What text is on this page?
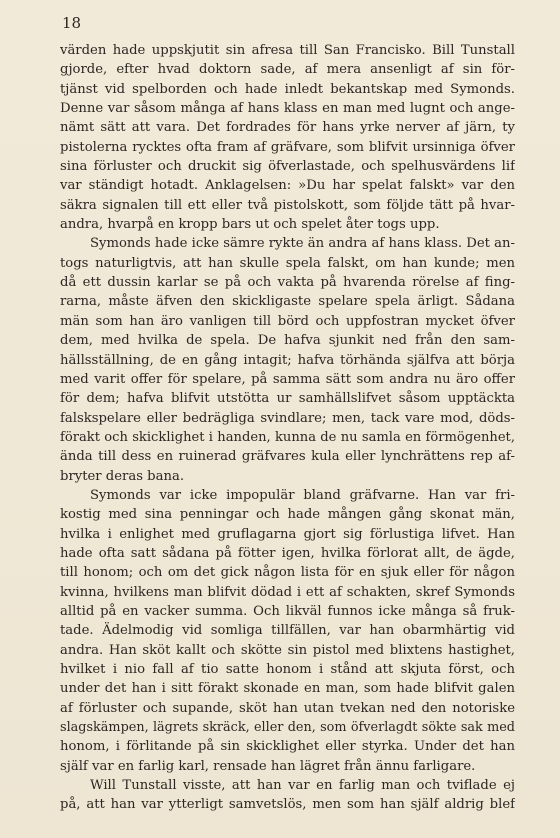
18
värden hade uppskjutit sin afresa till San Francisko. Bill Tunstall
gjorde, efter hvad doktorn sade, af mera ansenligt af sin för-
tjänst vid spelborden och hade inledt bekantskap med Symonds.
Denne var såsom många af hans klass en man med lugnt och ange-
nämt sätt att vara. Det fordrades för hans yrke nerver af järn, ty
pistolerna rycktes ofta fram af gräfvare, som blifvit ursinniga öfver
sina förluster och druckit sig öfverlastade, och spelhusvärdens lif
var ständigt hotadt. Anklagelsen: »Du har spelat falskt» var den
säkra signalen till ett eller två pistolskott, som följde tätt på hvar-
andra, hvarpå en kropp bars ut och spelet åter togs upp.
Symonds hade icke sämre rykte än andra af hans klass. Det an-
togs naturligtvis, att han skulle spela falskt, om han kunde; men
då ett dussin karlar se på och vakta på hvarenda rörelse af fing-
rarna, måste äfven den skickligaste spelare spela ärligt. Sådana
män som han äro vanligen till börd och uppfostran mycket öfver
dem, med hvilka de spela. De hafva sjunkit ned från den sam-
hällsställning, de en gång intagit; hafva törhända själfva att börja
med varit offer för spelare, på samma sätt som andra nu äro offer
för dem; hafva blifvit utstötta ur samhällslifvet såsom upptäckta
falskspelare eller bedrägliga svindlare; men, tack vare mod, döds-
förakt och skicklighet i handen, kunna de nu samla en förmögenhet,
ända till dess en ruinerad gräfvares kula eller lynchrättens rep af-
bryter deras bana.
Symonds var icke impopulär bland gräfvarne. Han var fri-
kostig med sina penningar och hade mången gång skonat män,
hvilka i enlighet med gruflagarna gjort sig förlustiga lifvet. Han
hade ofta satt sådana på fötter igen, hvilka förlorat allt, de ägde,
till honom; och om det gick någon lista för en sjuk eller för någon
kvinna, hvilkens man blifvit dödad i ett af schakten, skref Symonds
alltid på en vacker summa. Och likväl funnos icke många så fruk-
tade. Ädelmodig vid somliga tillfällen, var han obarmhärtig vid
andra. Han sköt kallt och skötte sin pistol med blixtens hastighet,
hvilket i nio fall af tio satte honom i stånd att skjuta först, och
under det han i sitt förakt skonade en man, som hade blifvit galen
af förluster och supande, sköt han utan tvekan ned den notoriske
slagskämpen, lägrets skräck, eller den, som öfverlagdt sökte sak med
honom, i förlitande på sin skicklighet eller styrka. Under det han
själf var en farlig karl, rensade han lägret från ännu farligare.
Will Tunstall visste, att han var en farlig man och tviflade ej
på, att han var ytterligt samvetslös, men som han själf aldrig blef
